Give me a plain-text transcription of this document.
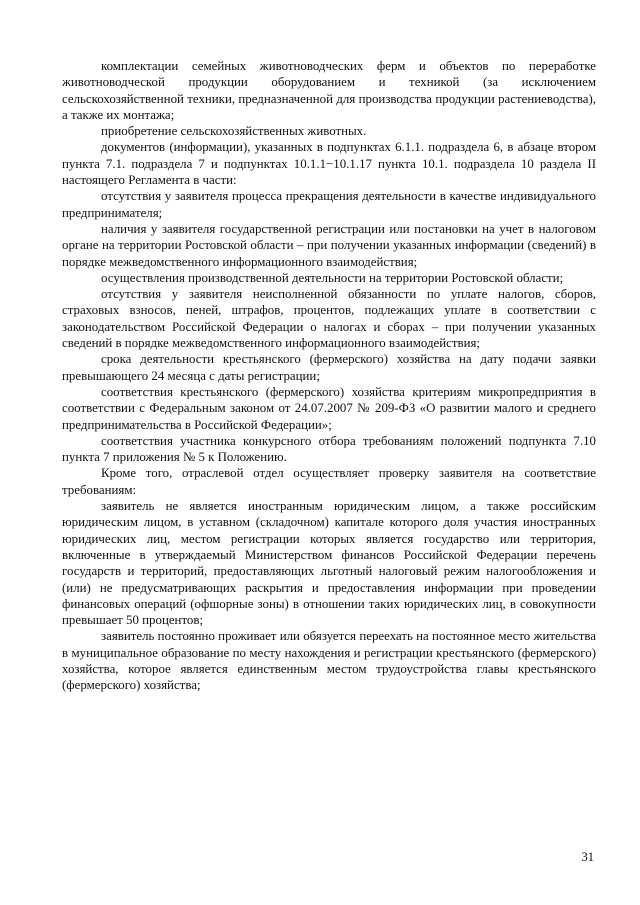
комплектации семейных животноводческих ферм и объектов по переработке животноводческой продукции оборудованием и техникой (за исключением сельскохозяйственной техники, предназначенной для производства продукции растениеводства), а также их монтажа;

приобретение сельскохозяйственных животных.

документов (информации), указанных в подпунктах 6.1.1. подраздела 6, в абзаце втором пункта 7.1. подраздела 7 и подпунктах 10.1.1−10.1.17 пункта 10.1. подраздела 10 раздела II настоящего Регламента в части:

отсутствия у заявителя процесса прекращения деятельности в качестве индивидуального предпринимателя;

наличия у заявителя государственной регистрации или постановки на учет в налоговом органе на территории Ростовской области – при получении указанных информации (сведений) в порядке межведомственного информационного взаимодействия;

осуществления производственной деятельности на территории Ростовской области;

отсутствия у заявителя неисполненной обязанности по уплате налогов, сборов, страховых взносов, пеней, штрафов, процентов, подлежащих уплате в соответствии с законодательством Российской Федерации о налогах и сборах – при получении указанных сведений в порядке межведомственного информационного взаимодействия;

срока деятельности крестьянского (фермерского) хозяйства на дату подачи заявки превышающего 24 месяца с даты регистрации;

соответствия крестьянского (фермерского) хозяйства критериям микропредприятия в соответствии с Федеральным законом от 24.07.2007 № 209-ФЗ «О развитии малого и среднего предпринимательства в Российской Федерации»;

соответствия участника конкурсного отбора требованиям положений подпункта 7.10 пункта 7 приложения № 5 к Положению.

Кроме того, отраслевой отдел осуществляет проверку заявителя на соответствие требованиям:

заявитель не является иностранным юридическим лицом, а также российским юридическим лицом, в уставном (складочном) капитале которого доля участия иностранных юридических лиц, местом регистрации которых является государство или территория, включенные в утверждаемый Министерством финансов Российской Федерации перечень государств и территорий, предоставляющих льготный налоговый режим налогообложения и (или) не предусматривающих раскрытия и предоставления информации при проведении финансовых операций (офшорные зоны) в отношении таких юридических лиц, в совокупности превышает 50 процентов;

заявитель постоянно проживает или обязуется переехать на постоянное место жительства в муниципальное образование по месту нахождения и регистрации крестьянского (фермерского) хозяйства, которое является единственным местом трудоустройства главы крестьянского (фермерского) хозяйства;

31
